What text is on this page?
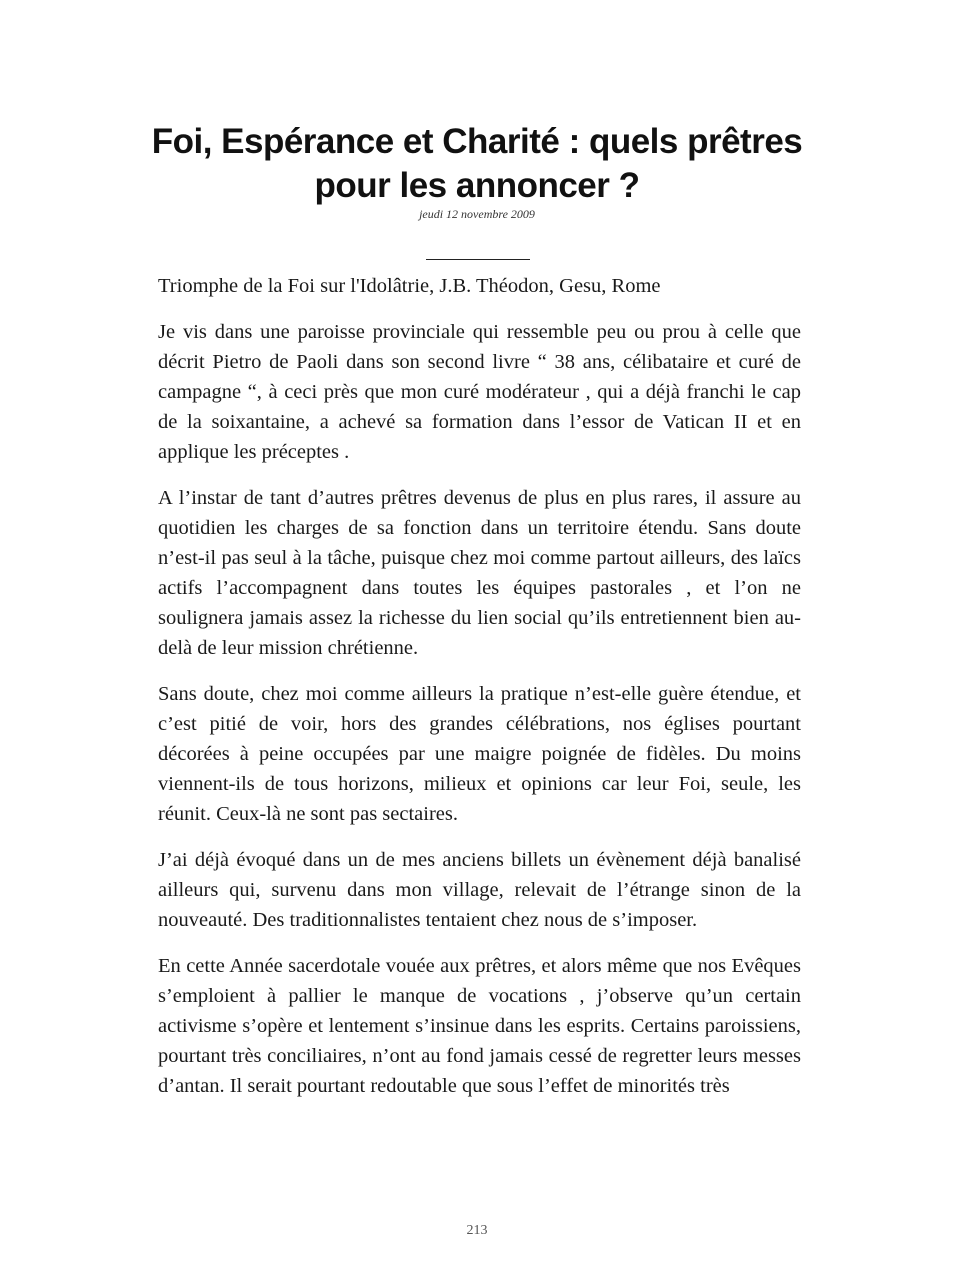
Foi, Espérance et Charité : quels prêtres pour les annoncer ?
jeudi 12 novembre 2009

Triomphe de la Foi sur l'Idolâtrie, J.B. Théodon, Gesu, Rome

Je vis dans une paroisse provinciale qui ressemble peu ou prou à celle que décrit Pietro de Paoli dans son second livre “ 38 ans, célibataire et curé de campagne “, à ceci près que mon curé modérateur , qui a déjà franchi le cap de la soixantaine, a achevé sa formation dans l’essor de Vatican II et en applique les préceptes .

A l’instar de tant d’autres prêtres devenus de plus en plus rares, il assure au quotidien les charges de sa fonction dans un territoire étendu. Sans doute n’est-il pas seul à la tâche, puisque chez moi comme partout ailleurs, des laïcs actifs l’accompagnent dans toutes les équipes pastorales , et l’on ne soulignera jamais assez la richesse du lien social qu’ils entretiennent bien au-delà de leur mission chrétienne.

Sans doute, chez moi comme ailleurs la pratique n’est-elle guère étendue, et c’est pitié de voir, hors des grandes célébrations, nos églises pourtant décorées à peine occupées par une maigre poignée de fidèles. Du moins viennent-ils de tous horizons, milieux et opinions car leur Foi, seule, les réunit. Ceux-là ne sont pas sectaires.

J’ai déjà évoqué dans un de mes anciens billets un évènement déjà banalisé ailleurs qui, survenu dans mon village, relevait de l’étrange sinon de la nouveauté. Des traditionnalistes tentaient chez nous de s’imposer.

En cette Année sacerdotale vouée aux prêtres, et alors même que nos Evêques s’emploient à pallier le manque de vocations , j’observe qu’un certain activisme s’opère et lentement s’insinue dans les esprits. Certains paroissiens, pourtant très conciliaires, n’ont au fond jamais cessé de regretter leurs messes d’antan. Il serait pourtant redoutable que sous l’effet de minorités très

213
